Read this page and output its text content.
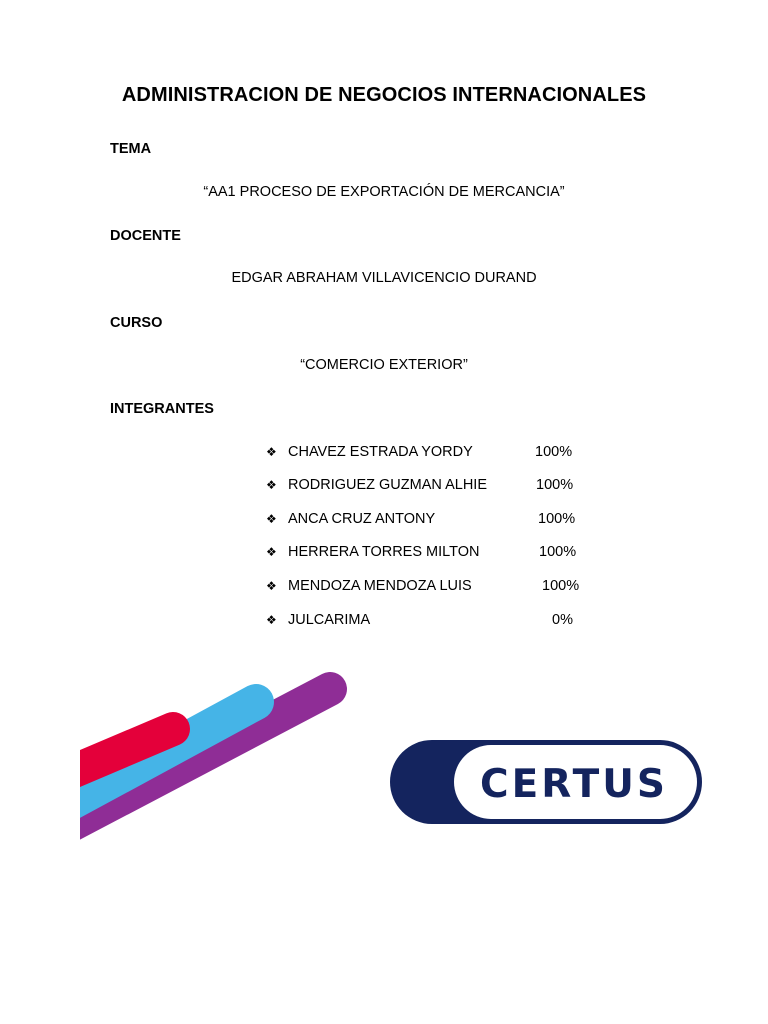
ADMINISTRACION DE NEGOCIOS INTERNACIONALES
TEMA
“AA1 PROCESO DE EXPORTACIÓN DE MERCANCIA”
DOCENTE
EDGAR ABRAHAM VILLAVICENCIO DURAND
CURSO
“COMERCIO EXTERIOR”
INTEGRANTES
❖ CHAVEZ ESTRADA YORDY	100%
❖ RODRIGUEZ GUZMAN ALHIE	100%
❖ ANCA CRUZ ANTONY	100%
❖ HERRERA TORRES MILTON	100%
❖ MENDOZA MENDOZA LUIS	100%
❖ JULCARIMA	0%
CERTUS
